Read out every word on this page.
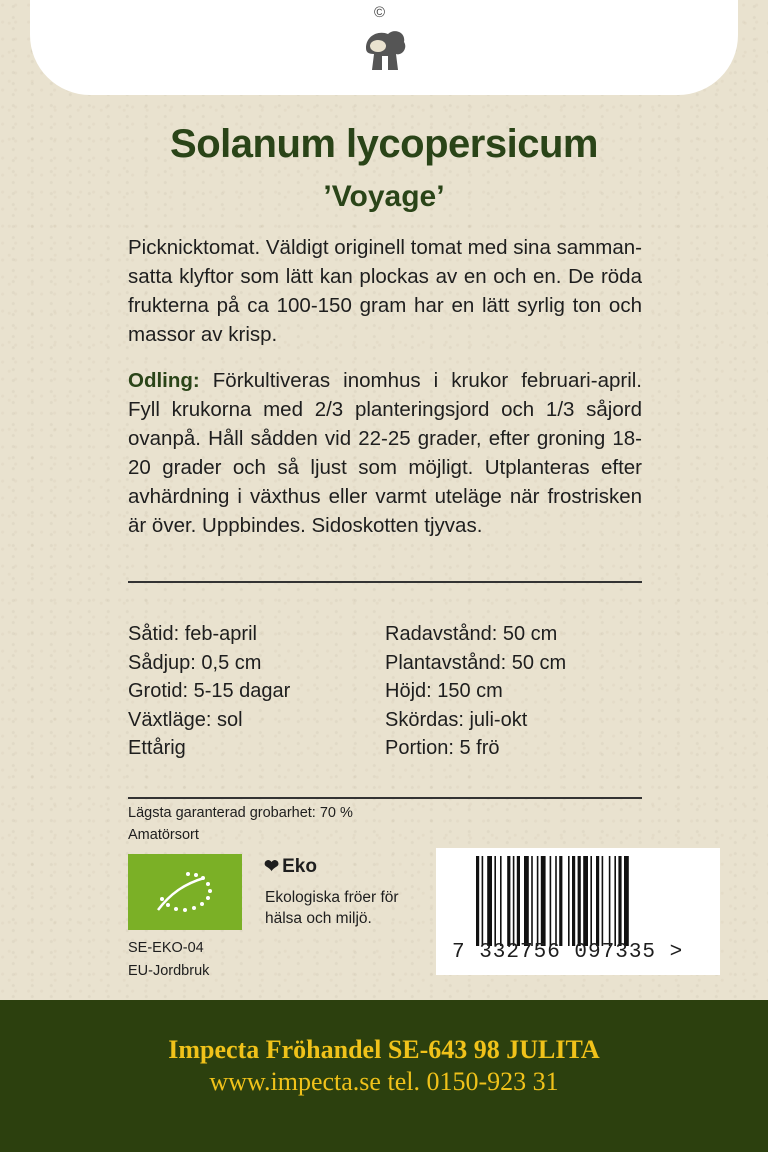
©
Solanum lycopersicum
’Voyage’

Picknicktomat. Väldigt originell tomat med sina sammansatta klyftor som lätt kan plockas av en och en. De röda frukterna på ca 100-150 gram har en lätt syrlig ton och massor av krisp.

Odling: Förkultiveras inomhus i krukor februari-april. Fyll krukorna med 2/3 planteringsjord och 1/3 såjord ovanpå. Håll sådden vid 22-25 grader, efter groning 18-20 grader och så ljust som möjligt. Utplanteras efter avhärdning i växthus eller varmt uteläge när frostrisken är över. Uppbindes. Sidoskotten tjyvas.

Såtid: feb-april
Sådjup: 0,5 cm
Grotid: 5-15 dagar
Växtläge: sol
Ettårig
Radavstånd: 50 cm
Plantavstånd: 50 cm
Höjd: 150 cm
Skördas: juli-okt
Portion: 5 frö
Lägsta garanterad grobarhet: 70 %
Amatörsort
SE-EKO-04
EU-Jordbruk
❤ Eko
Ekologiska fröer för
hälsa och miljö.
7 332756 097335 >
Impecta Fröhandel SE-643 98 JULITA
www.impecta.se tel. 0150-923 31
